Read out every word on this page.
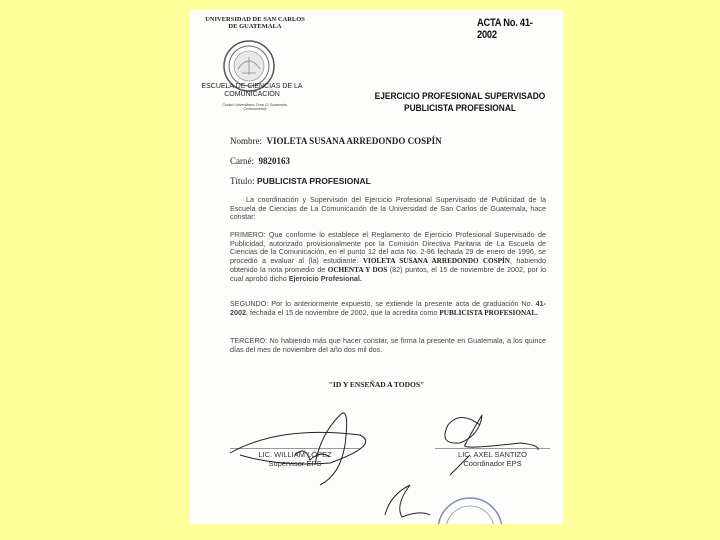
UNIVERSIDAD DE SAN CARLOS DE GUATEMALA	ACTA No. 41-2002
ESCUELA DE CIENCIAS DE LA COMUNICACIÓN
Ciudad Universitaria, Zona 12 Guatemala, Centroamérica
EJERCICIO PROFESIONAL SUPERVISADO
PUBLICISTA PROFESIONAL
Nombre: VIOLETA SUSANA ARREDONDO COSPÍN
Carné: 9820163
Título: PUBLICISTA PROFESIONAL
La coordinación y Supervisión del Ejercicio Profesional Supervisado de Publicidad de la Escuela de Ciencias de La Comunicación de la Universidad de San Carlos de Guatemala, hace constar:
PRIMERO: Que conforme lo establece el Reglamento de Ejercicio Profesional Supervisado de Publicidad, autorizado provisionalmente por la Comisión Directiva Paritaria de La Escuela de Ciencias de la Comunicación, en el punto 12 del acta No. 2-96 fechada 29 de enero de 1996, se procedió a evaluar al (la) estudiante: VIOLETA SUSANA ARREDONDO COSPÍN, habiendo obtenido la nota promedio de OCHENTA Y DOS (82) puntos, el 15 de noviembre de 2002, por lo cual aprobó dicho Ejercicio Profesional.
SEGUNDO: Por lo anteriormente expuesto, se extiende la presente acta de graduación No. 41-2002, fechada el 15 de noviembre de 2002, que la acredita como PUBLICISTA PROFESIONAL.
TERCERO: No habiendo más que hacer constar, se firma la presente en Guatemala, a los quince días del mes de noviembre del año dos mil dos.
"ID Y ENSEÑAD A TODOS"
LIC. WILLIAM LÓPEZ
Supervisor EPS
LIC. AXEL SANTIZO
Coordinador EPS
